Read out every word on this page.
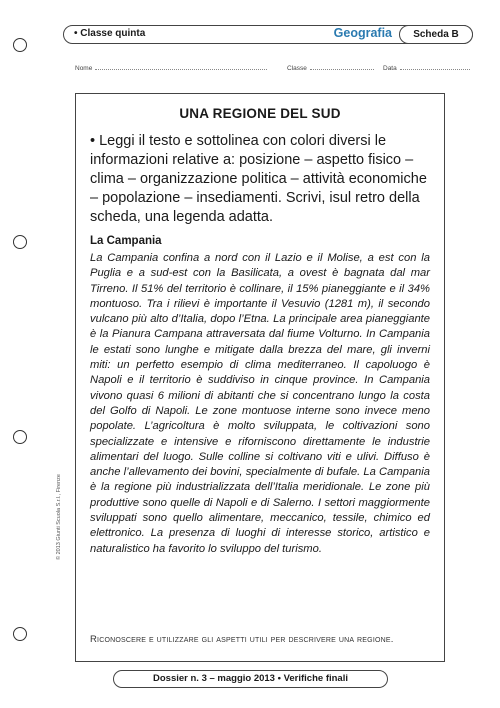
• Classe quinta	Geografia	Scheda B
Nome	Classe	Data
UNA REGIONE DEL SUD
• Leggi il testo e sottolinea con colori diversi le informazioni relative a: posizione – aspetto fisico – clima – organizzazione politica – attività economiche – popolazione – insediamenti. Scrivi, isul retro della scheda, una legenda adatta.
La Campania
La Campania confina a nord con il Lazio e il Molise, a est con la Puglia e a sud-est con la Basilicata, a ovest è bagnata dal mar Tirreno. Il 51% del territorio è collinare, il 15% pianeggiante e il 34% montuoso. Tra i rilievi è importante il Vesuvio (1281 m), il secondo vulcano più alto d’Italia, dopo l’Etna. La principale area pianeggiante è la Pianura Campana attraversata dal fiume Volturno. In Campania le estati sono lunghe e mitigate dalla brezza del mare, gli inverni miti: un perfetto esempio di clima mediterraneo. Il capoluogo è Napoli e il territorio è suddiviso in cinque province. In Campania vivono quasi 6 milioni di abitanti che si concentrano lungo la costa del Golfo di Napoli. Le zone montuose interne sono invece meno popolate. L’agricoltura è molto sviluppata, le coltivazioni sono specializzate e intensive e riforniscono direttamente le industrie alimentari del luogo. Sulle colline si coltivano viti e ulivi. Diffuso è anche l’allevamento dei bovini, specialmente di bufale. La Campania è la regione più industrializzata dell’Italia meridionale. Le zone più produttive sono quelle di Napoli e di Salerno. I settori maggiormente sviluppati sono quello alimentare, meccanico, tessile, chimico ed elettronico. La presenza di luoghi di interesse storico, artistico e naturalistico ha favorito lo sviluppo del turismo.
Riconoscere e utilizzare gli aspetti utili per descrivere una regione.
© 2013 Giunti Scuola S.r.l., Firenze
Dossier n. 3 – maggio 2013 • Verifiche finali
